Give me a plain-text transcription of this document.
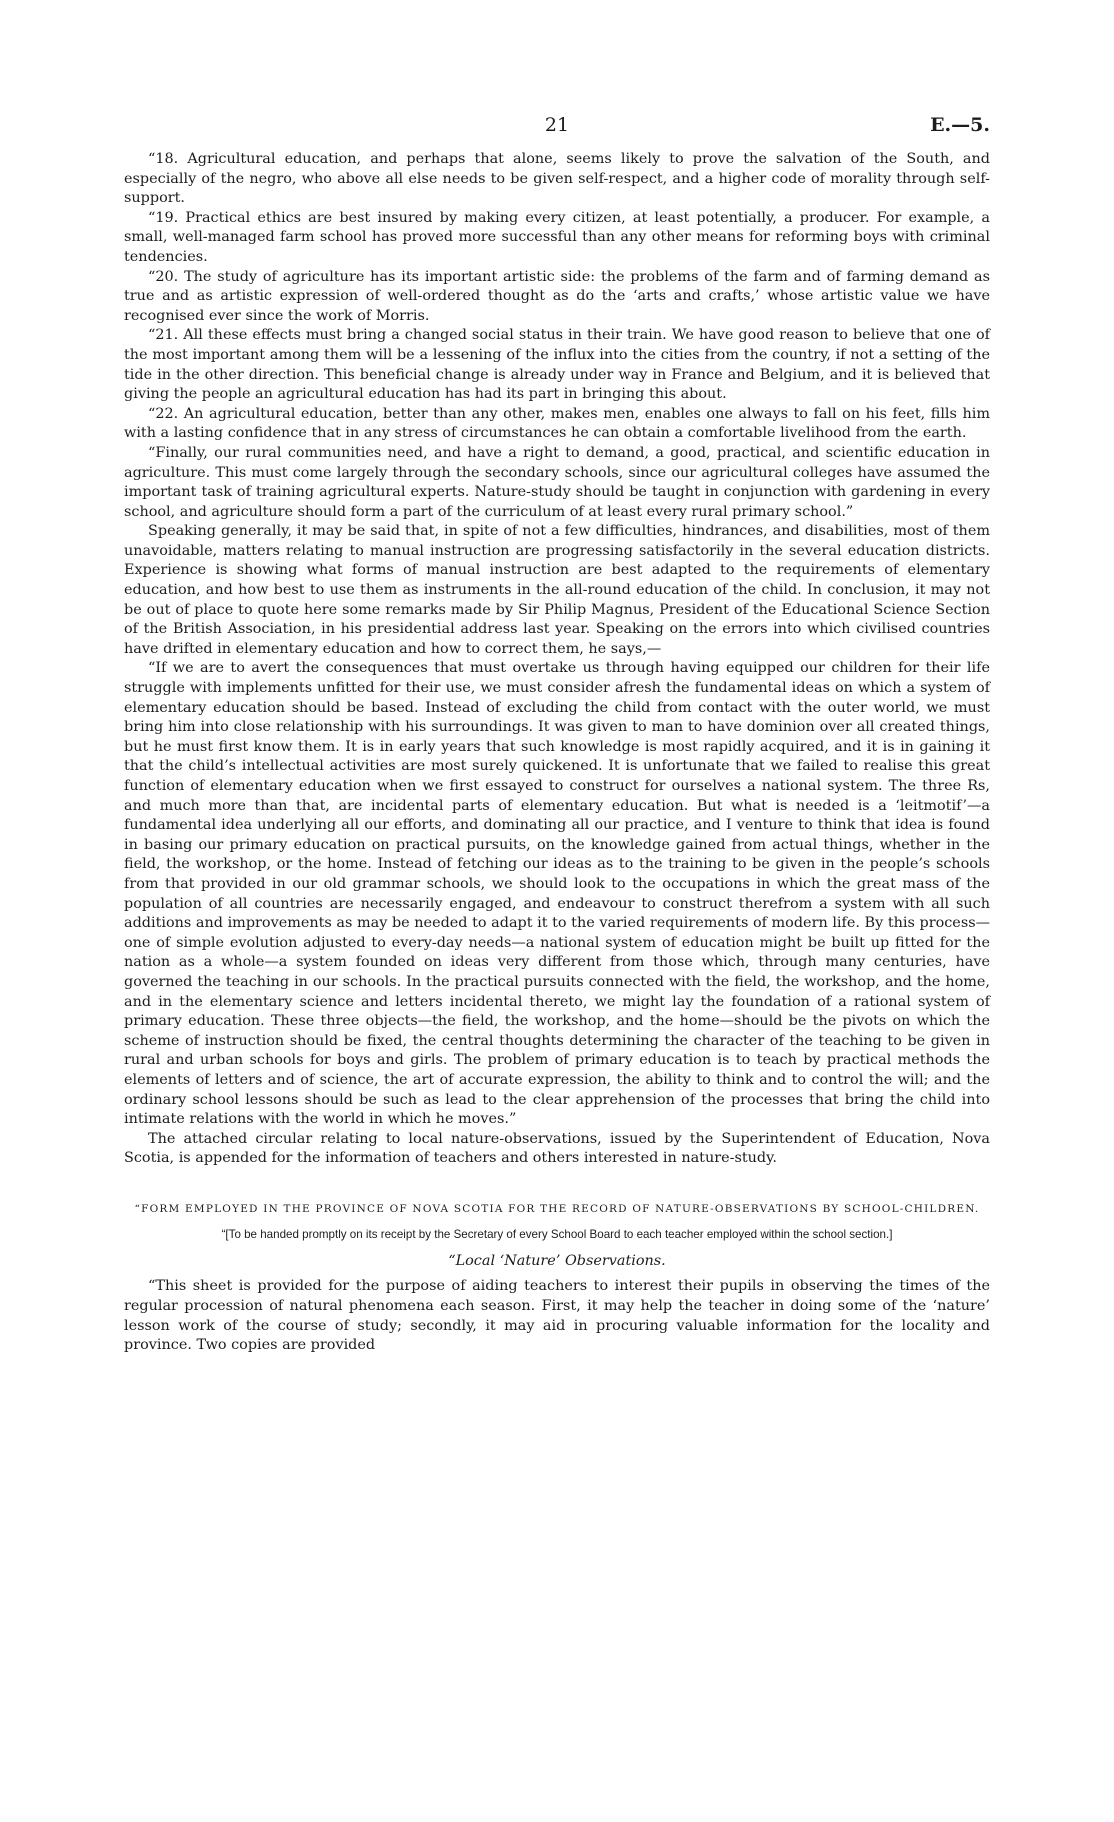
21	E.—5.

“18. Agricultural education, and perhaps that alone, seems likely to prove the salvation of the South, and especially of the negro, who above all else needs to be given self-respect, and a higher code of morality through self-support.

“19. Practical ethics are best insured by making every citizen, at least potentially, a producer. For example, a small, well-managed farm school has proved more successful than any other means for reforming boys with criminal tendencies.

“20. The study of agriculture has its important artistic side: the problems of the farm and of farming demand as true and as artistic expression of well-ordered thought as do the ‘arts and crafts,’ whose artistic value we have recognised ever since the work of Morris.

“21. All these effects must bring a changed social status in their train. We have good reason to believe that one of the most important among them will be a lessening of the influx into the cities from the country, if not a setting of the tide in the other direction. This beneficial change is already under way in France and Belgium, and it is believed that giving the people an agricultural education has had its part in bringing this about.

“22. An agricultural education, better than any other, makes men, enables one always to fall on his feet, fills him with a lasting confidence that in any stress of circumstances he can obtain a comfortable livelihood from the earth.

“Finally, our rural communities need, and have a right to demand, a good, practical, and scientific education in agriculture. This must come largely through the secondary schools, since our agricultural colleges have assumed the important task of training agricultural experts. Nature-study should be taught in conjunction with gardening in every school, and agriculture should form a part of the curriculum of at least every rural primary school.”

Speaking generally, it may be said that, in spite of not a few difficulties, hindrances, and disabilities, most of them unavoidable, matters relating to manual instruction are progressing satisfactorily in the several education districts. Experience is showing what forms of manual instruction are best adapted to the requirements of elementary education, and how best to use them as instruments in the all-round education of the child. In conclusion, it may not be out of place to quote here some remarks made by Sir Philip Magnus, President of the Educational Science Section of the British Association, in his presidential address last year. Speaking on the errors into which civilised countries have drifted in elementary education and how to correct them, he says,—

“If we are to avert the consequences that must overtake us through having equipped our children for their life struggle with implements unfitted for their use, we must consider afresh the fundamental ideas on which a system of elementary education should be based. Instead of excluding the child from contact with the outer world, we must bring him into close relationship with his surroundings. It was given to man to have dominion over all created things, but he must first know them. It is in early years that such knowledge is most rapidly acquired, and it is in gaining it that the child’s intellectual activities are most surely quickened. It is unfortunate that we failed to realise this great function of elementary education when we first essayed to construct for ourselves a national system. The three Rs, and much more than that, are incidental parts of elementary education. But what is needed is a ‘leitmotif’—a fundamental idea underlying all our efforts, and dominating all our practice, and I venture to think that idea is found in basing our primary education on practical pursuits, on the knowledge gained from actual things, whether in the field, the workshop, or the home. Instead of fetching our ideas as to the training to be given in the people’s schools from that provided in our old grammar schools, we should look to the occupations in which the great mass of the population of all countries are necessarily engaged, and endeavour to construct therefrom a system with all such additions and improvements as may be needed to adapt it to the varied requirements of modern life. By this process—one of simple evolution adjusted to every-day needs—a national system of education might be built up fitted for the nation as a whole—a system founded on ideas very different from those which, through many centuries, have governed the teaching in our schools. In the practical pursuits connected with the field, the workshop, and the home, and in the elementary science and letters incidental thereto, we might lay the foundation of a rational system of primary education. These three objects—the field, the workshop, and the home—should be the pivots on which the scheme of instruction should be fixed, the central thoughts determining the character of the teaching to be given in rural and urban schools for boys and girls. The problem of primary education is to teach by practical methods the elements of letters and of science, the art of accurate expression, the ability to think and to control the will; and the ordinary school lessons should be such as lead to the clear apprehension of the processes that bring the child into intimate relations with the world in which he moves.”

The attached circular relating to local nature-observations, issued by the Superintendent of Education, Nova Scotia, is appended for the information of teachers and others interested in nature-study.

“FORM EMPLOYED IN THE PROVINCE OF NOVA SCOTIA FOR THE RECORD OF NATURE-OBSERVATIONS BY SCHOOL-CHILDREN.

“[To be handed promptly on its receipt by the Secretary of every School Board to each teacher employed within the school section.]

“Local ‘Nature’ Observations.

“This sheet is provided for the purpose of aiding teachers to interest their pupils in observing the times of the regular procession of natural phenomena each season. First, it may help the teacher in doing some of the ‘nature’ lesson work of the course of study; secondly, it may aid in procuring valuable information for the locality and province. Two copies are provided
